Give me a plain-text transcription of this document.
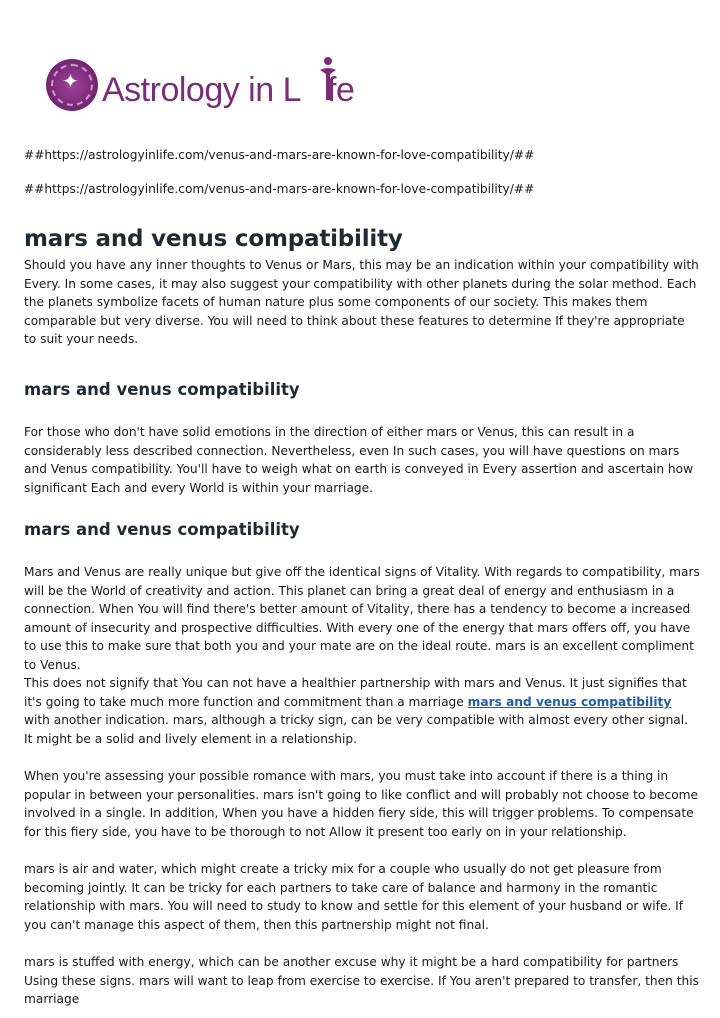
✦ Astrology in L fe
##https://astrologyinlife.com/venus-and-mars-are-known-for-love-compatibility/##
##https://astrologyinlife.com/venus-and-mars-are-known-for-love-compatibility/##
mars and venus compatibility

Should you have any inner thoughts to Venus or Mars, this may be an indication within your compatibility with Every. In some cases, it may also suggest your compatibility with other planets during the solar method. Each the planets symbolize facets of human nature plus some components of our society. This makes them comparable but very diverse. You will need to think about these features to determine If they're appropriate to suit your needs.

mars and venus compatibility

For those who don't have solid emotions in the direction of either mars or Venus, this can result in a considerably less described connection. Nevertheless, even In such cases, you will have questions on mars and Venus compatibility. You'll have to weigh what on earth is conveyed in Every assertion and ascertain how significant Each and every World is within your marriage.

mars and venus compatibility

Mars and Venus are really unique but give off the identical signs of Vitality. With regards to compatibility, mars will be the World of creativity and action. This planet can bring a great deal of energy and enthusiasm in a connection. When You will find there's better amount of Vitality, there has a tendency to become a increased amount of insecurity and prospective difficulties. With every one of the energy that mars offers off, you have to use this to make sure that both you and your mate are on the ideal route. mars is an excellent compliment to Venus.

This does not signify that You can not have a healthier partnership with mars and Venus. It just signifies that it's going to take much more function and commitment than a marriage mars and venus compatibility with another indication. mars, although a tricky sign, can be very compatible with almost every other signal. It might be a solid and lively element in a relationship.

When you're assessing your possible romance with mars, you must take into account if there is a thing in popular in between your personalities. mars isn't going to like conflict and will probably not choose to become involved in a single. In addition, When you have a hidden fiery side, this will trigger problems. To compensate for this fiery side, you have to be thorough to not Allow it present too early on in your relationship.

mars is air and water, which might create a tricky mix for a couple who usually do not get pleasure from becoming jointly. It can be tricky for each partners to take care of balance and harmony in the romantic relationship with mars. You will need to study to know and settle for this element of your husband or wife. If you can't manage this aspect of them, then this partnership might not final.

mars is stuffed with energy, which can be another excuse why it might be a hard compatibility for partners Using these signs. mars will want to leap from exercise to exercise. If You aren't prepared to transfer, then this marriage
